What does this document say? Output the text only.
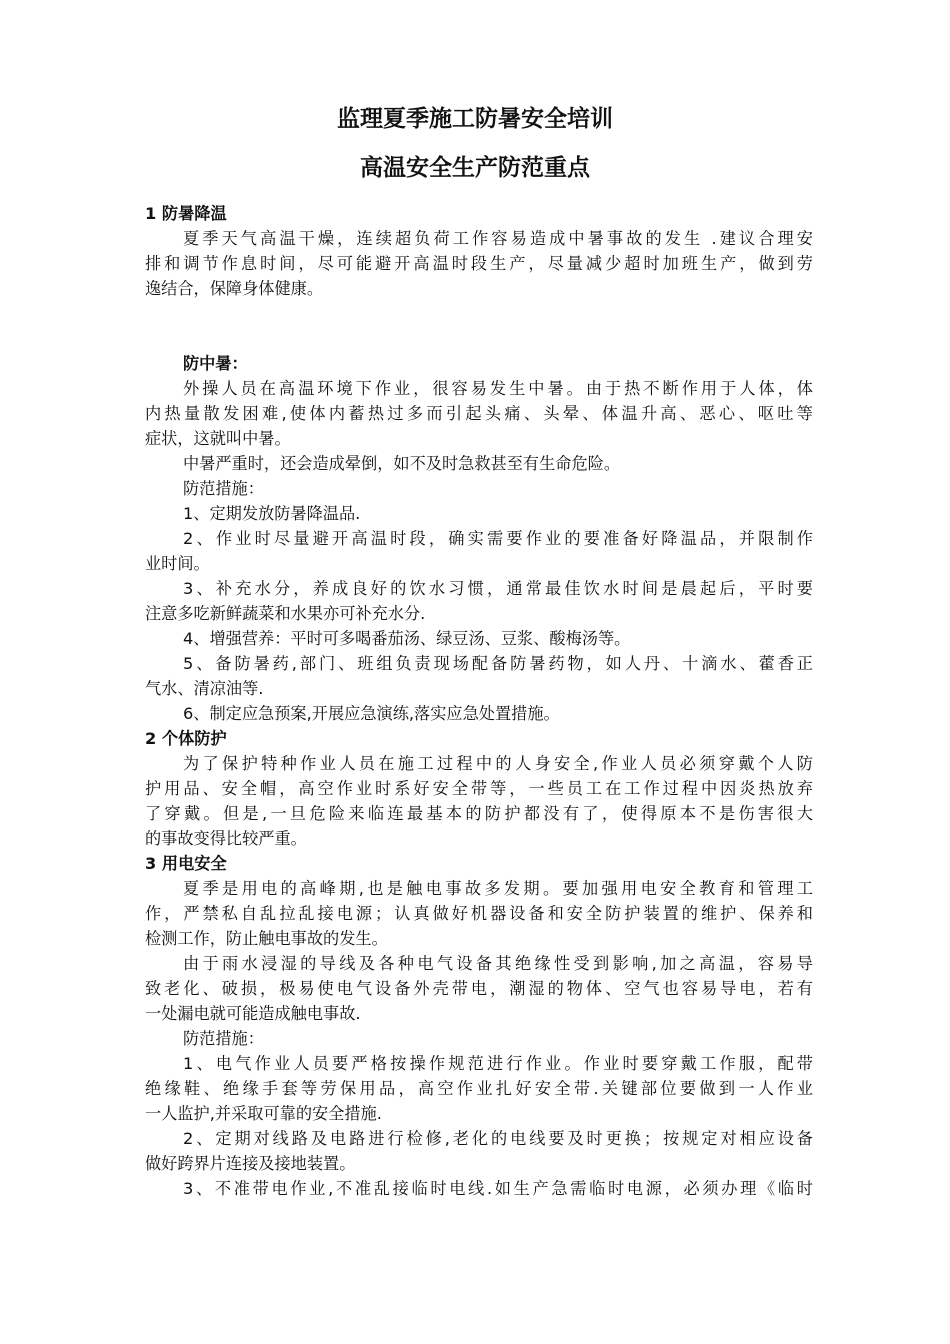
监理夏季施工防暑安全培训
高温安全生产防范重点
1 防暑降温
夏季天气高温干燥，连续超负荷工作容易造成中暑事故的发生 .建议合理安
排和调节作息时间，尽可能避开高温时段生产，尽量减少超时加班生产，做到劳
逸结合，保障身体健康。
防中暑：
外操人员在高温环境下作业，很容易发生中暑。由于热不断作用于人体，体
内热量散发困难,使体内蓄热过多而引起头痛、头晕、体温升高、恶心、呕吐等
症状，这就叫中暑。
中暑严重时，还会造成晕倒，如不及时急救甚至有生命危险。
防范措施：
1、定期发放防暑降温品.
2、作业时尽量避开高温时段，确实需要作业的要准备好降温品，并限制作
业时间。
3、补充水分，养成良好的饮水习惯，通常最佳饮水时间是晨起后，平时要
注意多吃新鲜蔬菜和水果亦可补充水分.
4、增强营养：平时可多喝番茄汤、绿豆汤、豆浆、酸梅汤等。
5、备防暑药,部门、班组负责现场配备防暑药物，如人丹、十滴水、藿香正
气水、清凉油等.
6、制定应急预案,开展应急演练,落实应急处置措施。
2 个体防护
为了保护特种作业人员在施工过程中的人身安全,作业人员必须穿戴个人防
护用品、安全帽，高空作业时系好安全带等，一些员工在工作过程中因炎热放弃
了穿戴。但是,一旦危险来临连最基本的防护都没有了，使得原本不是伤害很大
的事故变得比较严重。
3 用电安全
夏季是用电的高峰期,也是触电事故多发期。要加强用电安全教育和管理工
作，严禁私自乱拉乱接电源；认真做好机器设备和安全防护装置的维护、保养和
检测工作，防止触电事故的发生。
由于雨水浸湿的导线及各种电气设备其绝缘性受到影响,加之高温，容易导
致老化、破损，极易使电气设备外壳带电，潮湿的物体、空气也容易导电，若有
一处漏电就可能造成触电事故.
防范措施：
1、电气作业人员要严格按操作规范进行作业。作业时要穿戴工作服，配带
绝缘鞋、绝缘手套等劳保用品，高空作业扎好安全带.关键部位要做到一人作业
一人监护,并采取可靠的安全措施.
2、定期对线路及电路进行检修,老化的电线要及时更换；按规定对相应设备
做好跨界片连接及接地装置。
3、不准带电作业,不准乱接临时电线.如生产急需临时电源，必须办理《临时
